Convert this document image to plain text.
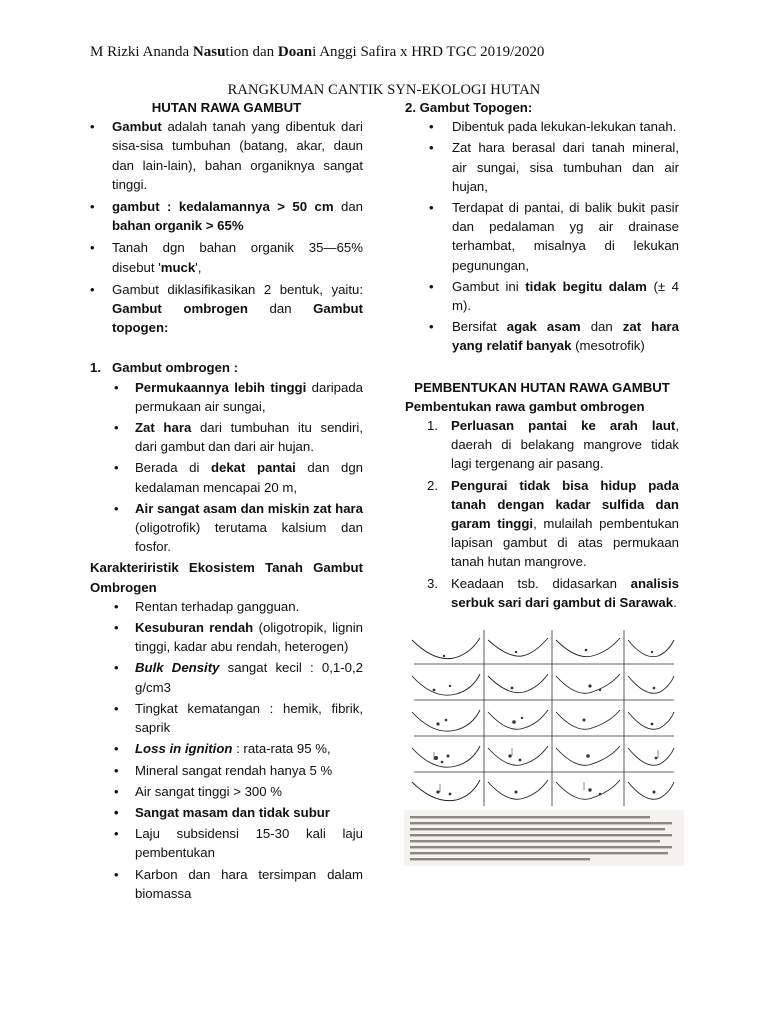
M Rizki Ananda Nasution dan Doani Anggi Safira x HRD TGC 2019/2020
RANGKUMAN CANTIK SYN-EKOLOGI HUTAN
HUTAN RAWA GAMBUT
• Gambut adalah tanah yang dibentuk dari sisa-sisa tumbuhan (batang, akar, daun dan lain-lain), bahan organiknya sangat tinggi.
• gambut : kedalamannya > 50 cm dan bahan organik > 65%
• Tanah dgn bahan organik 35—65% disebut 'muck',
• Gambut diklasifikasikan 2 bentuk, yaitu: Gambut ombrogen dan Gambut topogen:
1. Gambut ombrogen :
• Permukaannya lebih tinggi daripada permukaan air sungai,
• Zat hara dari tumbuhan itu sendiri, dari gambut dan dari air hujan.
• Berada di dekat pantai dan dgn kedalaman mencapai 20 m,
• Air sangat asam dan miskin zat hara (oligotrofik) terutama kalsium dan fosfor.
Karakteriristik Ekosistem Tanah Gambut Ombrogen
• Rentan terhadap gangguan.
• Kesuburan rendah (oligotropik, lignin tinggi, kadar abu rendah, heterogen)
• Bulk Density sangat kecil : 0,1-0,2 g/cm3
• Tingkat kematangan : hemik, fibrik, saprik
• Loss in ignition : rata-rata 95 %,
• Mineral sangat rendah hanya 5 %
• Air sangat tinggi > 300 %
• Sangat masam dan tidak subur
• Laju subsidensi 15-30 kali laju pembentukan
• Karbon dan hara tersimpan dalam biomassa
2. Gambut Topogen:
• Dibentuk pada lekukan-lekukan tanah.
• Zat hara berasal dari tanah mineral, air sungai, sisa tumbuhan dan air hujan,
• Terdapat di pantai, di balik bukit pasir dan pedalaman yg air drainase terhambat, misalnya di lekukan pegunungan,
• Gambut ini tidak begitu dalam (± 4 m).
• Bersifat agak asam dan zat hara yang relatif banyak (mesotrofik)
PEMBENTUKAN HUTAN RAWA GAMBUT
Pembentukan rawa gambut ombrogen
1. Perluasan pantai ke arah laut, daerah di belakang mangrove tidak lagi tergenang air pasang.
2. Pengurai tidak bisa hidup pada tanah dengan kadar sulfida dan garam tinggi, mulailah pembentukan lapisan gambut di atas permukaan tanah hutan mangrove.
3. Keadaan tsb. didasarkan analisis serbuk sari dari gambut di Sarawak.
